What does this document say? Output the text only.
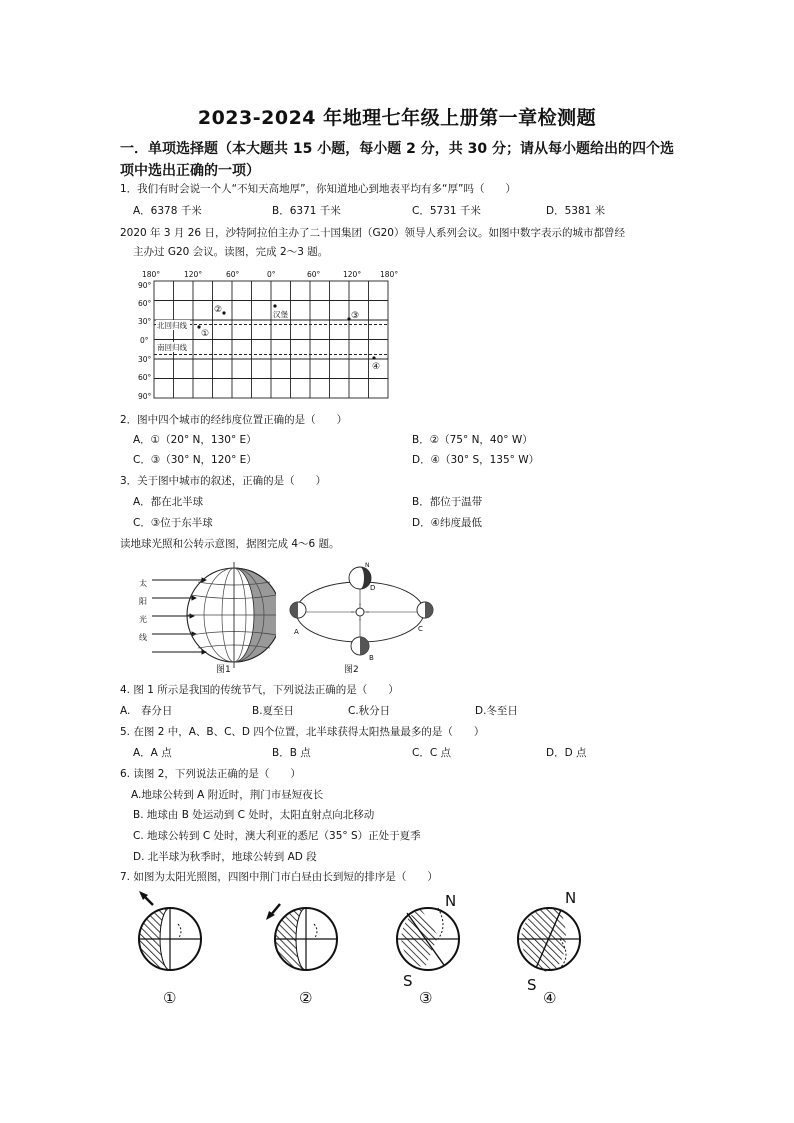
2023-2024 年地理七年级上册第一章检测题
一．单项选择题（本大题共 15 小题，每小题 2 分，共 30 分；请从每小题给出的四个选
项中选出正确的一项）
1．我们有时会说一个人“不知天高地厚”，你知道地心到地表平均有多“厚”吗（　　）
A．6378 千米	B．6371 千米	C．5731 千米	D．5381 米
2020 年 3 月 26 日，沙特阿拉伯主办了二十国集团（G20）领导人系列会议。如图中数字表示的城市都曾经
主办过 G20 会议。读图，完成 2～3 题。
180°	120°	60°	0°	60°	120°	180°
90°
60°
30°
0°
30°
60°
90°
北回归线
南回归线
①
②	汉堡	③
④
2．图中四个城市的经纬度位置正确的是（　　）
A．①（20° N，130° E）	B．②（75° N，40° W）
C．③（30° N，120° E）	D．④（30° S，135° W）
3．关于图中城市的叙述，正确的是（　　）
A．都在北半球	B．都位于温带
C．③位于东半球	D．④纬度最低
读地球光照和公转示意图，据图完成 4～6 题。
太
阳
光
线
图1
N
D
A
B
C
图2
4. 图 1 所示是我国的传统节气，下列说法正确的是（　　）
A.　春分日	B.夏至日	C.秋分日	D.冬至日
5. 在图 2 中，A、B、C、D 四个位置，北半球获得太阳热量最多的是（　　）
A．A 点	B．B 点	C．C 点	D．D 点
6. 读图 2，下列说法正确的是（　　）
A.地球公转到 A 附近时，荆门市昼短夜长
B. 地球由 B 处运动到 C 处时，太阳直射点向北移动
C. 地球公转到 C 处时，澳大利亚的悉尼（35° S）正处于夏季
D. 北半球为秋季时，地球公转到 AD 段
7. 如图为太阳光照图，四图中荆门市白昼由长到短的排序是（　　）
①	②
N
S
③
N
S
④
